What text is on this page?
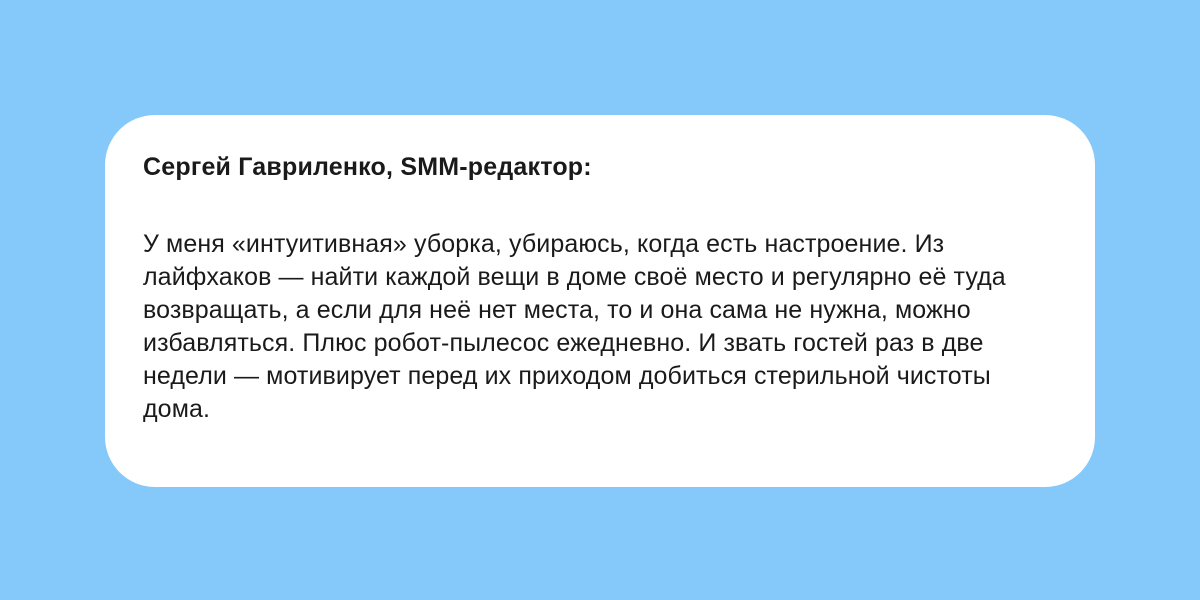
Сергей Гавриленко, SMM-редактор:

У меня «интуитивная» уборка, убираюсь, когда есть настроение. Из лайфхаков — найти каждой вещи в доме своё место и регулярно её туда возвращать, а если для неё нет места, то и она сама не нужна, можно избавляться. Плюс робот-пылесос ежедневно. И звать гостей раз в две недели — мотивирует перед их приходом добиться стерильной чистоты дома.
